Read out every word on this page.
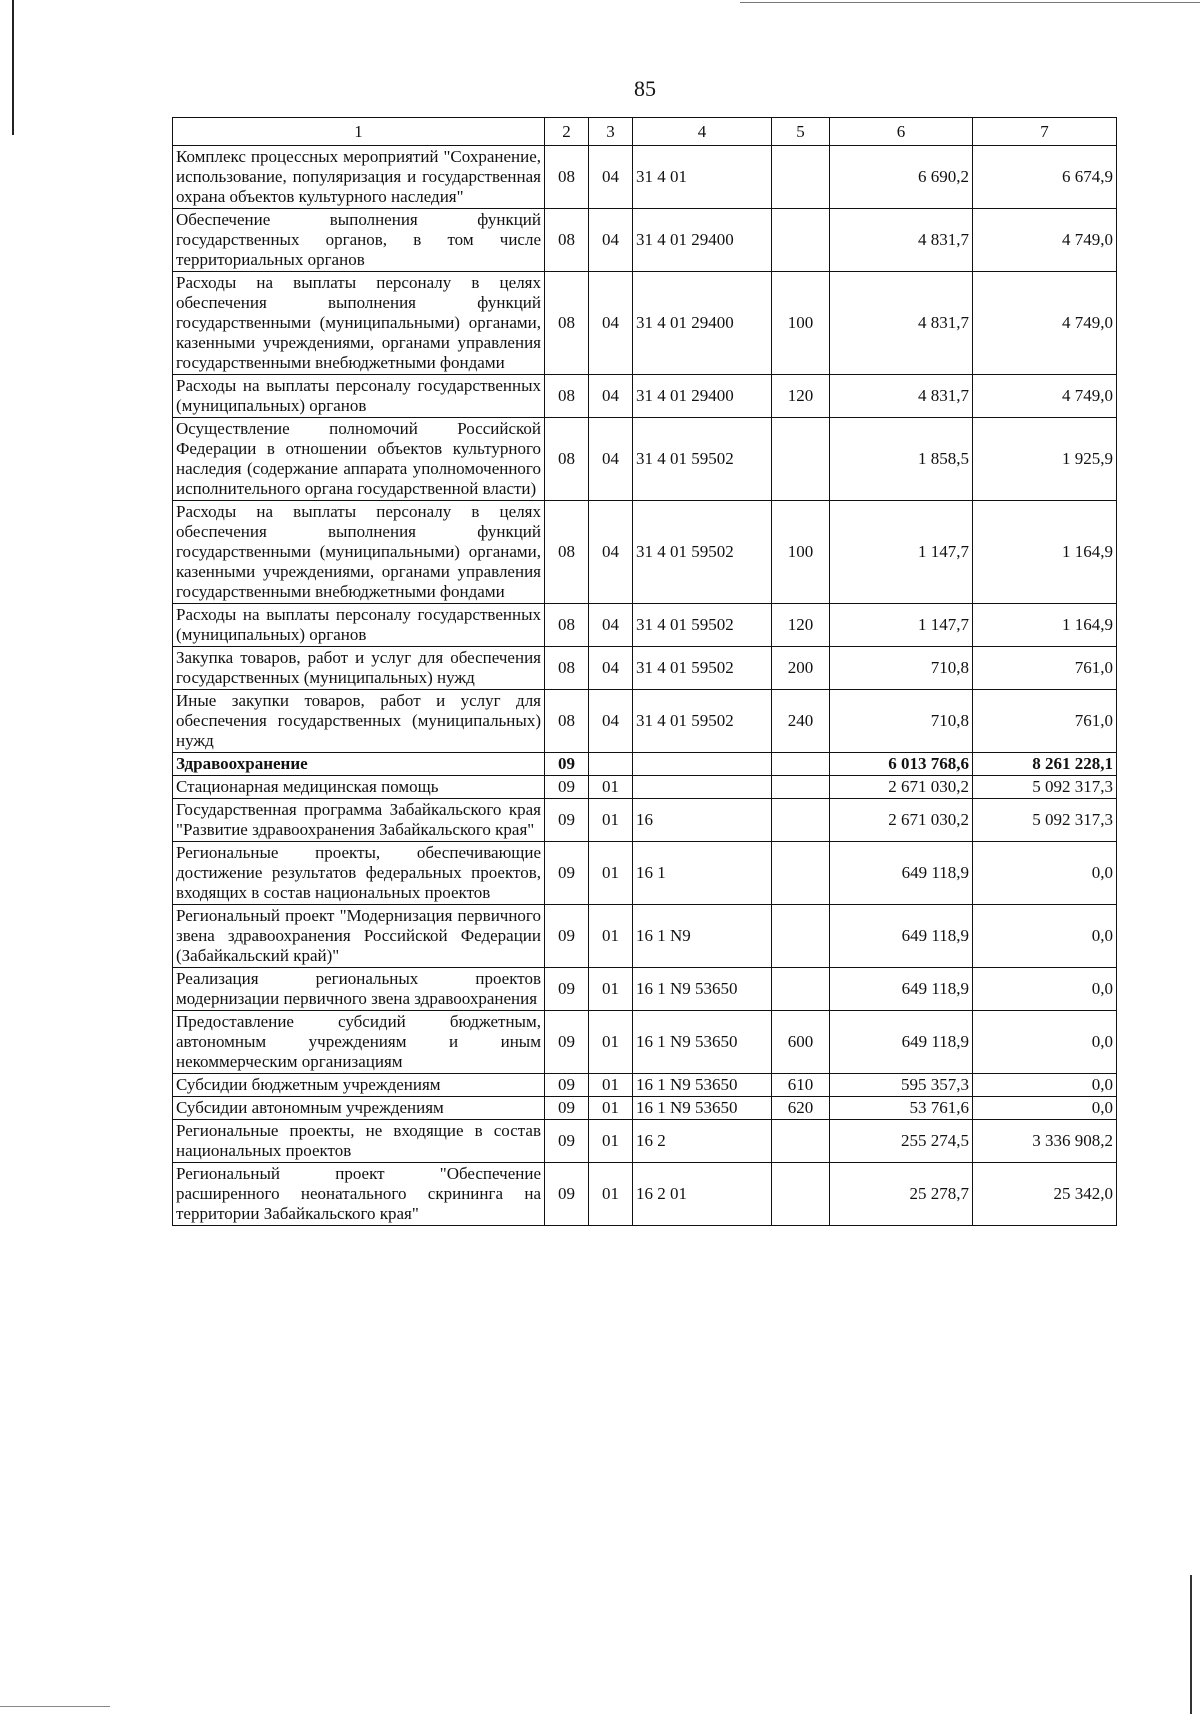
85
1	2	3	4	5	6	7
Комплекс процессных мероприятий "Сохранение, использование, популяризация и государственная охрана объектов культурного наследия"	08	04	31 4 01		6 690,2	6 674,9
Обеспечение выполнения функций государственных органов, в том числе территориальных органов	08	04	31 4 01 29400		4 831,7	4 749,0
Расходы на выплаты персоналу в целях обеспечения выполнения функций государственными (муниципальными) органами, казенными учреждениями, органами управления государственными внебюджетными фондами	08	04	31 4 01 29400	100	4 831,7	4 749,0
Расходы на выплаты персоналу государственных (муниципальных) органов	08	04	31 4 01 29400	120	4 831,7	4 749,0
Осуществление полномочий Российской Федерации в отношении объектов культурного наследия (содержание аппарата уполномоченного исполнительного органа государственной власти)	08	04	31 4 01 59502		1 858,5	1 925,9
Расходы на выплаты персоналу в целях обеспечения выполнения функций государственными (муниципальными) органами, казенными учреждениями, органами управления государственными внебюджетными фондами	08	04	31 4 01 59502	100	1 147,7	1 164,9
Расходы на выплаты персоналу государственных (муниципальных) органов	08	04	31 4 01 59502	120	1 147,7	1 164,9
Закупка товаров, работ и услуг для обеспечения государственных (муниципальных) нужд	08	04	31 4 01 59502	200	710,8	761,0
Иные закупки товаров, работ и услуг для обеспечения государственных (муниципальных) нужд	08	04	31 4 01 59502	240	710,8	761,0
Здравоохранение	09				6 013 768,6	8 261 228,1
Стационарная медицинская помощь	09	01			2 671 030,2	5 092 317,3
Государственная программа Забайкальского края "Развитие здравоохранения Забайкальского края"	09	01	16		2 671 030,2	5 092 317,3
Региональные проекты, обеспечивающие достижение результатов федеральных проектов, входящих в состав национальных проектов	09	01	16 1		649 118,9	0,0
Региональный проект "Модернизация первичного звена здравоохранения Российской Федерации (Забайкальский край)"	09	01	16 1 N9		649 118,9	0,0
Реализация региональных проектов модернизации первичного звена здравоохранения	09	01	16 1 N9 53650		649 118,9	0,0
Предоставление субсидий бюджетным, автономным учреждениям и иным некоммерческим организациям	09	01	16 1 N9 53650	600	649 118,9	0,0
Субсидии бюджетным учреждениям	09	01	16 1 N9 53650	610	595 357,3	0,0
Субсидии автономным учреждениям	09	01	16 1 N9 53650	620	53 761,6	0,0
Региональные проекты, не входящие в состав национальных проектов	09	01	16 2		255 274,5	3 336 908,2
Региональный проект "Обеспечение расширенного неонатального скрининга на территории Забайкальского края"	09	01	16 2 01		25 278,7	25 342,0
